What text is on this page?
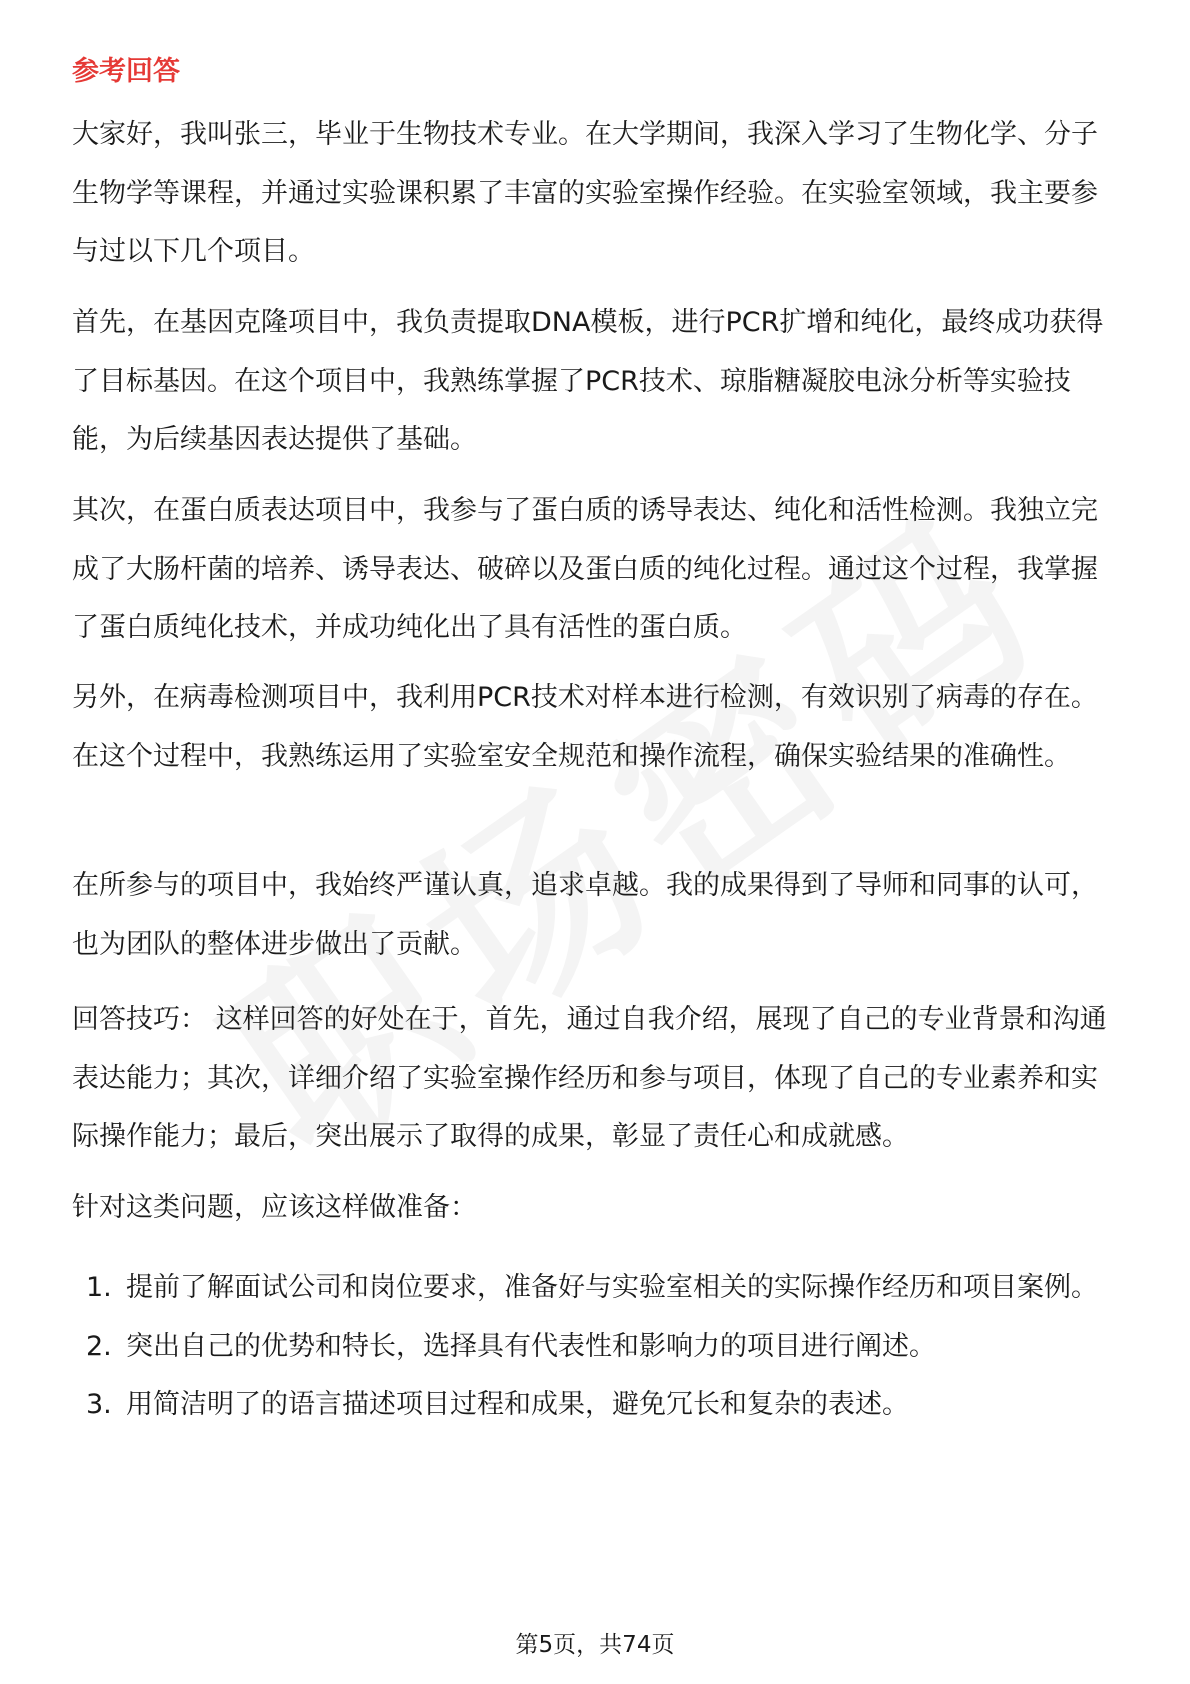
参考回答

大家好，我叫张三，毕业于生物技术专业。在大学期间，我深入学习了生物化学、分子生物学等课程，并通过实验课积累了丰富的实验室操作经验。在实验室领域，我主要参与过以下几个项目。

首先，在基因克隆项目中，我负责提取DNA模板，进行PCR扩增和纯化，最终成功获得了目标基因。在这个项目中，我熟练掌握了PCR技术、琼脂糖凝胶电泳分析等实验技能，为后续基因表达提供了基础。

其次，在蛋白质表达项目中，我参与了蛋白质的诱导表达、纯化和活性检测。我独立完成了大肠杆菌的培养、诱导表达、破碎以及蛋白质的纯化过程。通过这个过程，我掌握了蛋白质纯化技术，并成功纯化出了具有活性的蛋白质。

另外，在病毒检测项目中，我利用PCR技术对样本进行检测，有效识别了病毒的存在。在这个过程中，我熟练运用了实验室安全规范和操作流程，确保实验结果的准确性。

在所参与的项目中，我始终严谨认真，追求卓越。我的成果得到了导师和同事的认可，也为团队的整体进步做出了贡献。

回答技巧： 这样回答的好处在于，首先，通过自我介绍，展现了自己的专业背景和沟通表达能力；其次，详细介绍了实验室操作经历和参与项目，体现了自己的专业素养和实际操作能力；最后，突出展示了取得的成果，彰显了责任心和成就感。

针对这类问题，应该这样做准备：

1. 提前了解面试公司和岗位要求，准备好与实验室相关的实际操作经历和项目案例。
2. 突出自己的优势和特长，选择具有代表性和影响力的项目进行阐述。
3. 用简洁明了的语言描述项目过程和成果，避免冗长和复杂的表述。
第5页，共74页
